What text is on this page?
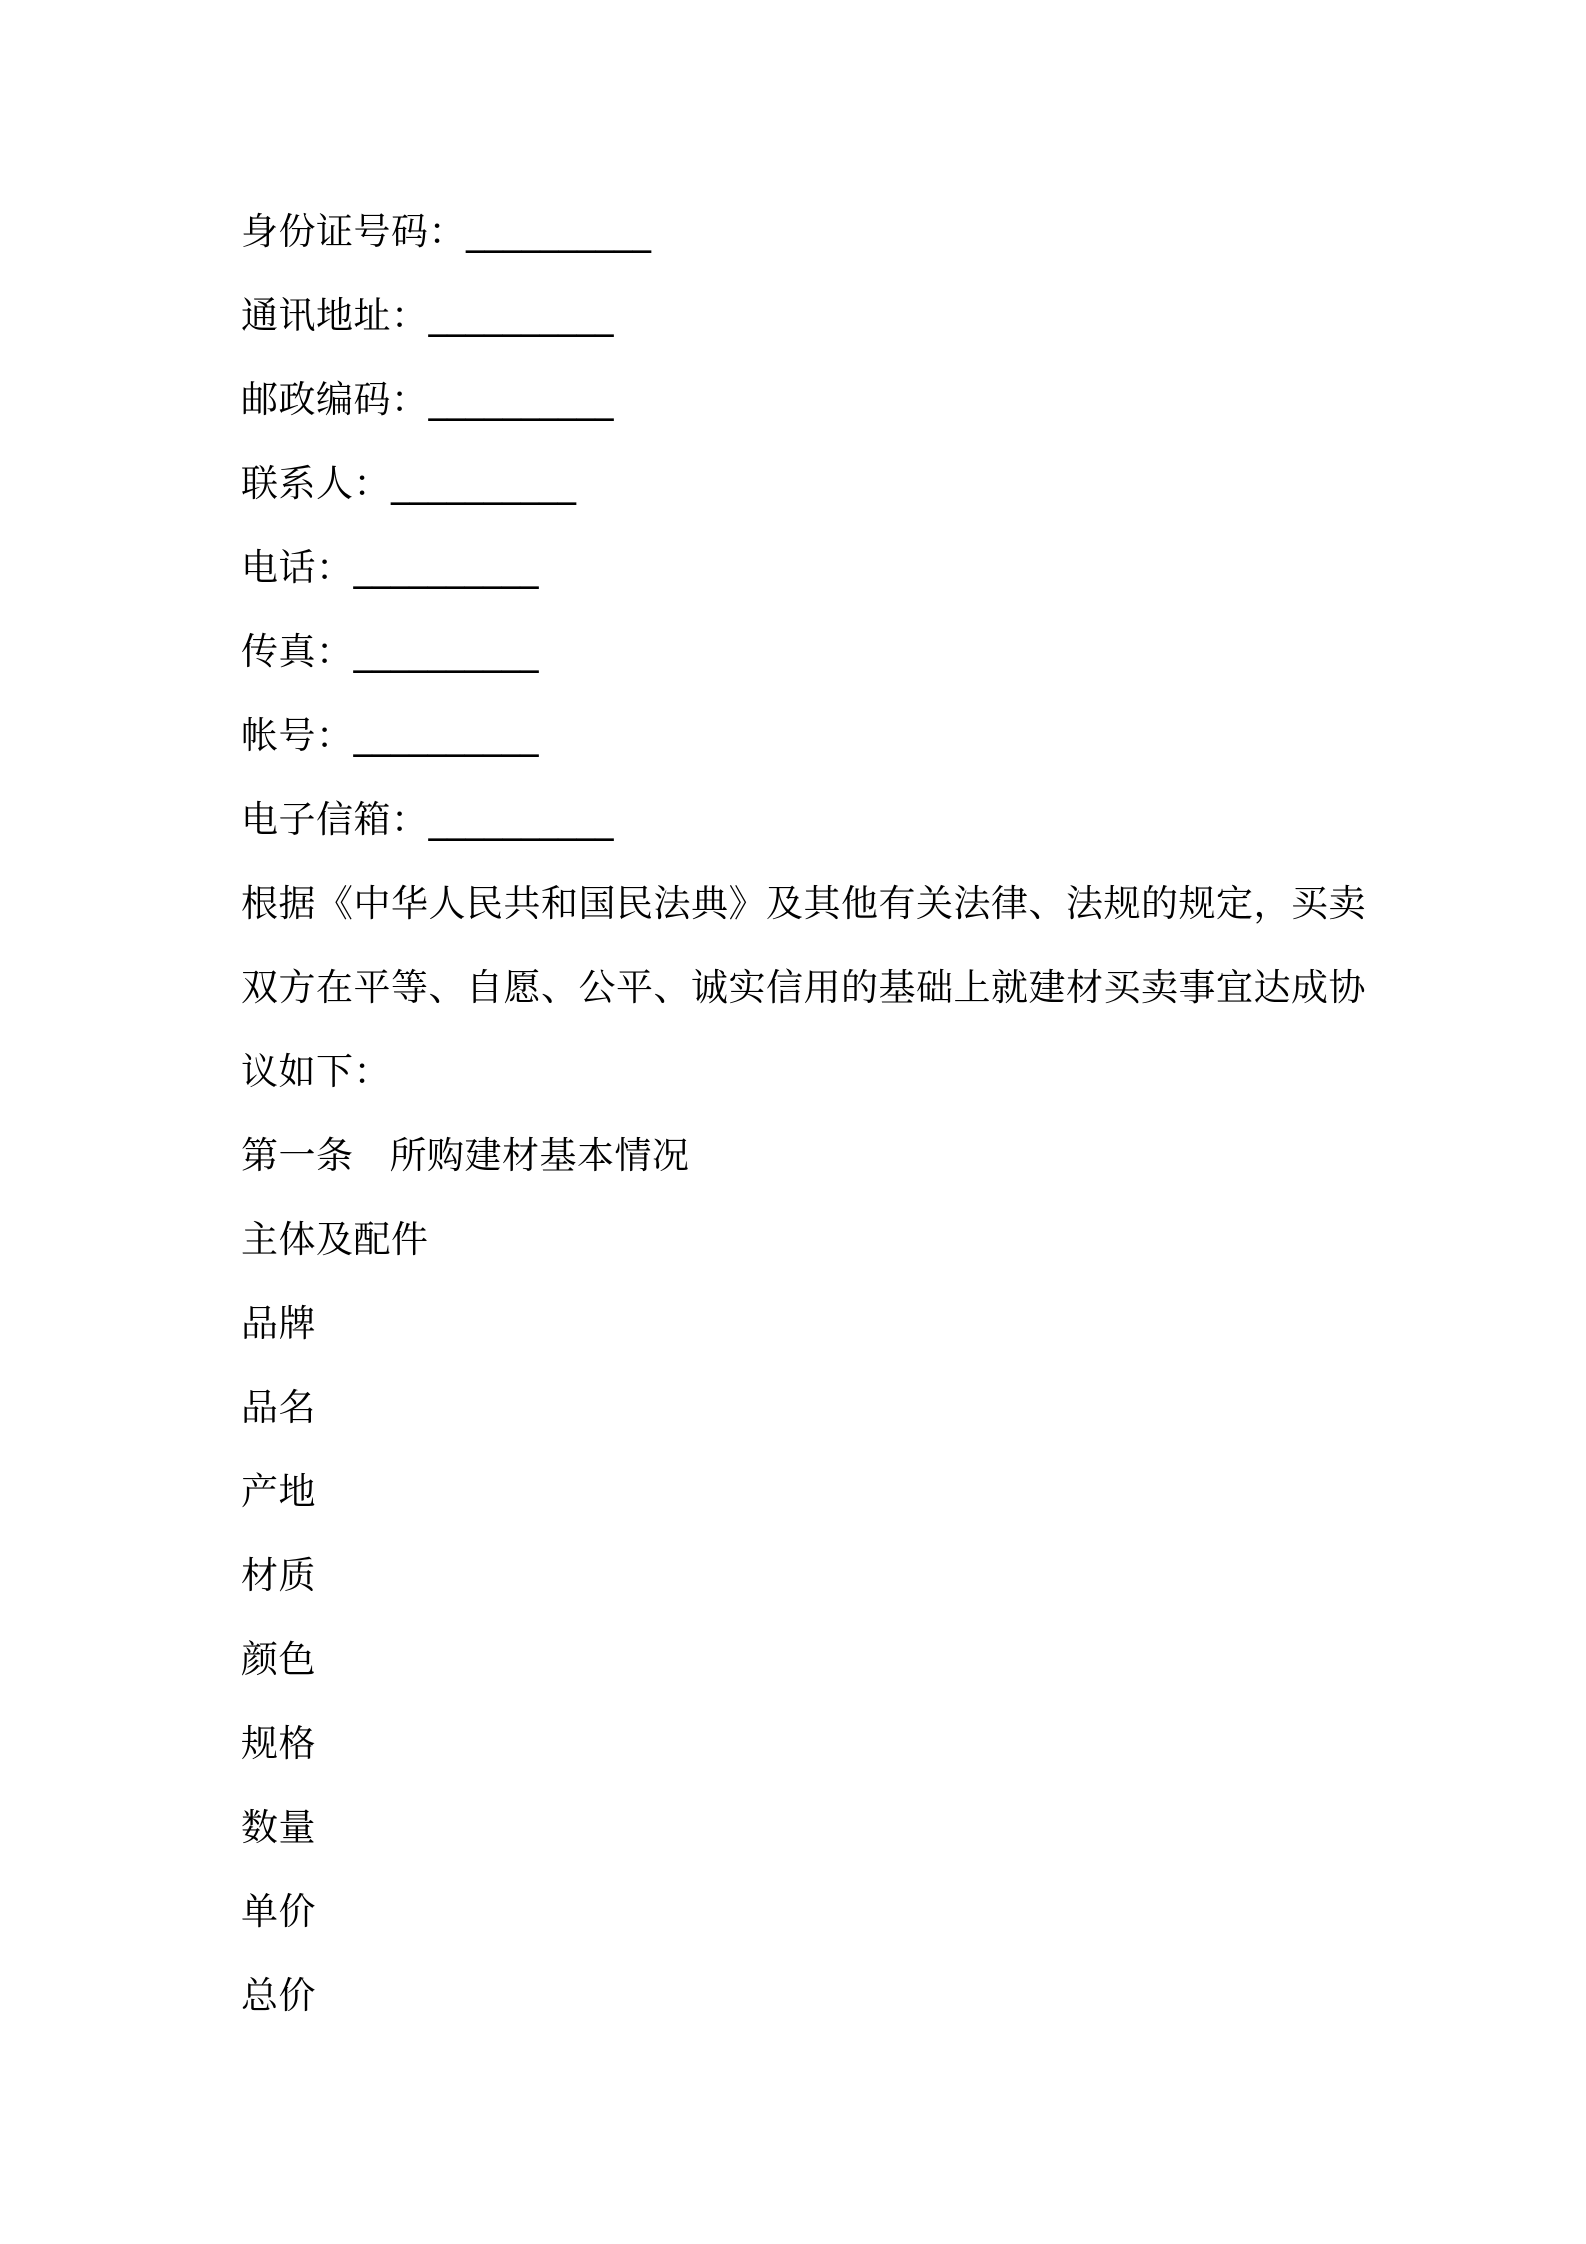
身份证号码：__________
通讯地址：__________
邮政编码：__________
联系人：__________
电话：__________
传真：__________
帐号：__________
电子信箱：__________
根据《中华人民共和国民法典》及其他有关法律、法规的规定，买卖
双方在平等、自愿、公平、诚实信用的基础上就建材买卖事宜达成协
议如下：
第一条 所购建材基本情况
主体及配件
品牌
品名
产地
材质
颜色
规格
数量
单价
总价
